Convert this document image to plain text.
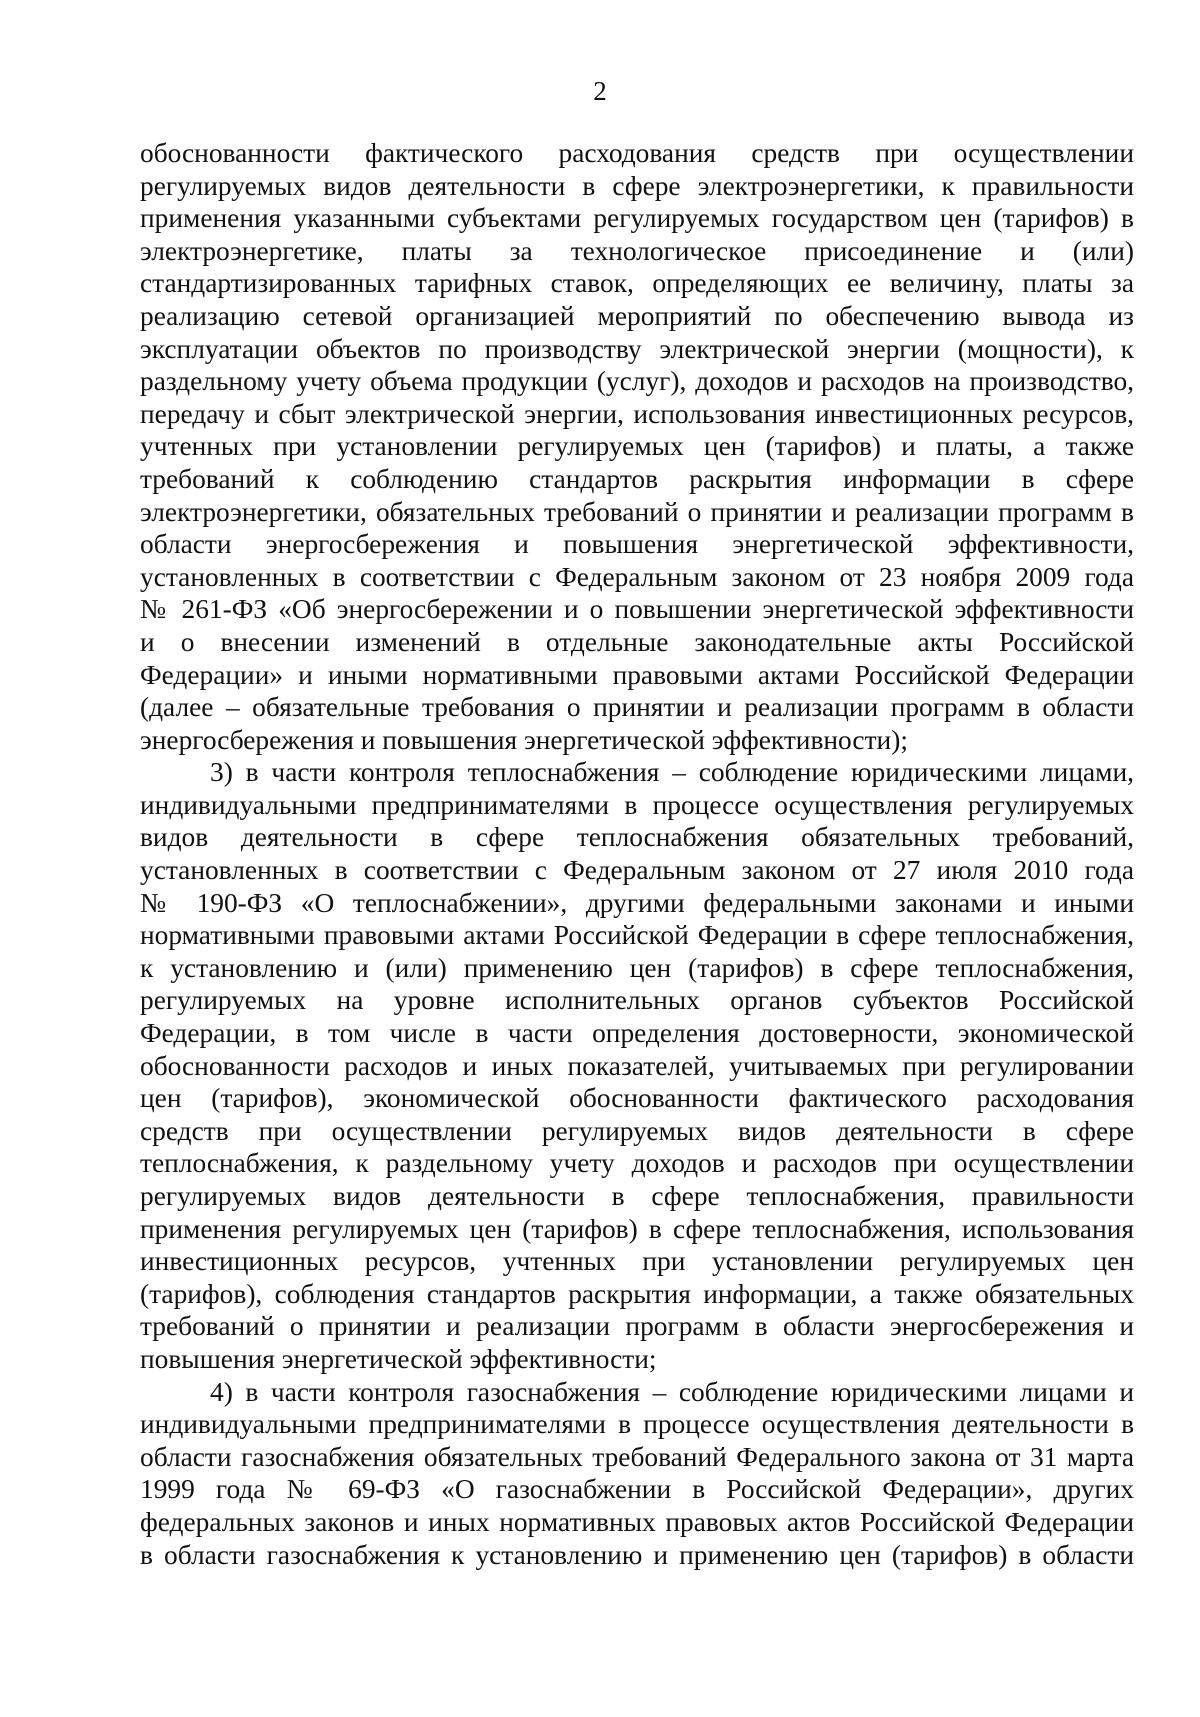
2
обоснованности фактического расходования средств при осуществлении
регулируемых видов деятельности в сфере электроэнергетики, к правильности
применения указанными субъектами регулируемых государством цен (тарифов) в
электроэнергетике, платы за технологическое присоединение и (или)
стандартизированных тарифных ставок, определяющих ее величину, платы за
реализацию сетевой организацией мероприятий по обеспечению вывода из
эксплуатации объектов по производству электрической энергии (мощности), к
раздельному учету объема продукции (услуг), доходов и расходов на производство,
передачу и сбыт электрической энергии, использования инвестиционных ресурсов,
учтенных при установлении регулируемых цен (тарифов) и платы, а также
требований к соблюдению стандартов раскрытия информации в сфере
электроэнергетики, обязательных требований о принятии и реализации программ в
области энергосбережения и повышения энергетической эффективности,
установленных в соответствии с Федеральным законом от 23 ноября 2009 года
№ 261-ФЗ «Об энергосбережении и о повышении энергетической эффективности
и о внесении изменений в отдельные законодательные акты Российской
Федерации» и иными нормативными правовыми актами Российской Федерации
(далее – обязательные требования о принятии и реализации программ в области
энергосбережения и повышения энергетической эффективности);
3) в части контроля теплоснабжения – соблюдение юридическими лицами,
индивидуальными предпринимателями в процессе осуществления регулируемых
видов деятельности в сфере теплоснабжения обязательных требований,
установленных в соответствии с Федеральным законом от 27 июля 2010 года
№ 190-ФЗ «О теплоснабжении», другими федеральными законами и иными
нормативными правовыми актами Российской Федерации в сфере теплоснабжения,
к установлению и (или) применению цен (тарифов) в сфере теплоснабжения,
регулируемых на уровне исполнительных органов субъектов Российской
Федерации, в том числе в части определения достоверности, экономической
обоснованности расходов и иных показателей, учитываемых при регулировании
цен (тарифов), экономической обоснованности фактического расходования
средств при осуществлении регулируемых видов деятельности в сфере
теплоснабжения, к раздельному учету доходов и расходов при осуществлении
регулируемых видов деятельности в сфере теплоснабжения, правильности
применения регулируемых цен (тарифов) в сфере теплоснабжения, использования
инвестиционных ресурсов, учтенных при установлении регулируемых цен
(тарифов), соблюдения стандартов раскрытия информации, а также обязательных
требований о принятии и реализации программ в области энергосбережения и
повышения энергетической эффективности;
4) в части контроля газоснабжения – соблюдение юридическими лицами и
индивидуальными предпринимателями в процессе осуществления деятельности в
области газоснабжения обязательных требований Федерального закона от 31 марта
1999 года № 69-ФЗ «О газоснабжении в Российской Федерации», других
федеральных законов и иных нормативных правовых актов Российской Федерации
в области газоснабжения к установлению и применению цен (тарифов) в области
